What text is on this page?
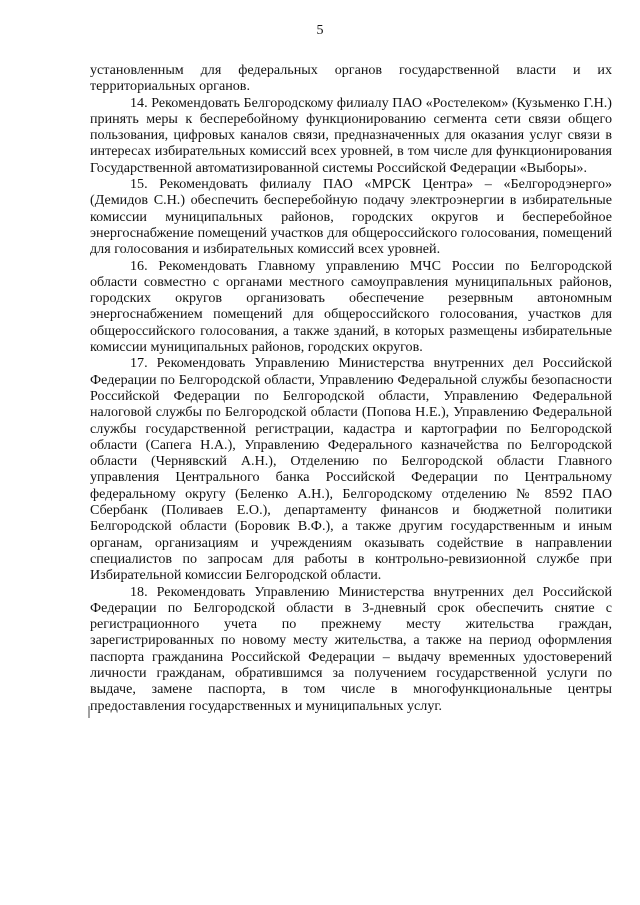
5

установленным для федеральных органов государственной власти и их территориальных органов.

14. Рекомендовать Белгородскому филиалу ПАО «Ростелеком» (Кузьменко Г.Н.) принять меры к бесперебойному функционированию сегмента сети связи общего пользования, цифровых каналов связи, предназначенных для оказания услуг связи в интересах избирательных комиссий всех уровней, в том числе для функционирования Государственной автоматизированной системы Российской Федерации «Выборы».

15. Рекомендовать филиалу ПАО «МРСК Центра» – «Белгородэнерго» (Демидов С.Н.) обеспечить бесперебойную подачу электроэнергии в избирательные комиссии муниципальных районов, городских округов и бесперебойное энергоснабжение помещений участков для общероссийского голосования, помещений для голосования и избирательных комиссий всех уровней.

16. Рекомендовать Главному управлению МЧС России по Белгородской области совместно с органами местного самоуправления муниципальных районов, городских округов организовать обеспечение резервным автономным энергоснабжением помещений для общероссийского голосования, участков для общероссийского голосования, а также зданий, в которых размещены избирательные комиссии муниципальных районов, городских округов.

17. Рекомендовать Управлению Министерства внутренних дел Российской Федерации по Белгородской области, Управлению Федеральной службы безопасности Российской Федерации по Белгородской области, Управлению Федеральной налоговой службы по Белгородской области (Попова Н.Е.), Управлению Федеральной службы государственной регистрации, кадастра и картографии по Белгородской области (Сапега Н.А.), Управлению Федерального казначейства по Белгородской области (Чернявский А.Н.), Отделению по Белгородской области Главного управления Центрального банка Российской Федерации по Центральному федеральному округу (Беленко А.Н.), Белгородскому отделению № 8592 ПАО Сбербанк (Поливаев Е.О.), департаменту финансов и бюджетной политики Белгородской области (Боровик В.Ф.), а также другим государственным и иным органам, организациям и учреждениям оказывать содействие в направлении специалистов по запросам для работы в контрольно-ревизионной службе при Избирательной комиссии Белгородской области.

18. Рекомендовать Управлению Министерства внутренних дел Российской Федерации по Белгородской области в 3-дневный срок обеспечить снятие с регистрационного учета по прежнему месту жительства граждан, зарегистрированных по новому месту жительства, а также на период оформления паспорта гражданина Российской Федерации – выдачу временных удостоверений личности гражданам, обратившимся за получением государственной услуги по выдаче, замене паспорта, в том числе в многофункциональные центры предоставления государственных и муниципальных услуг.
